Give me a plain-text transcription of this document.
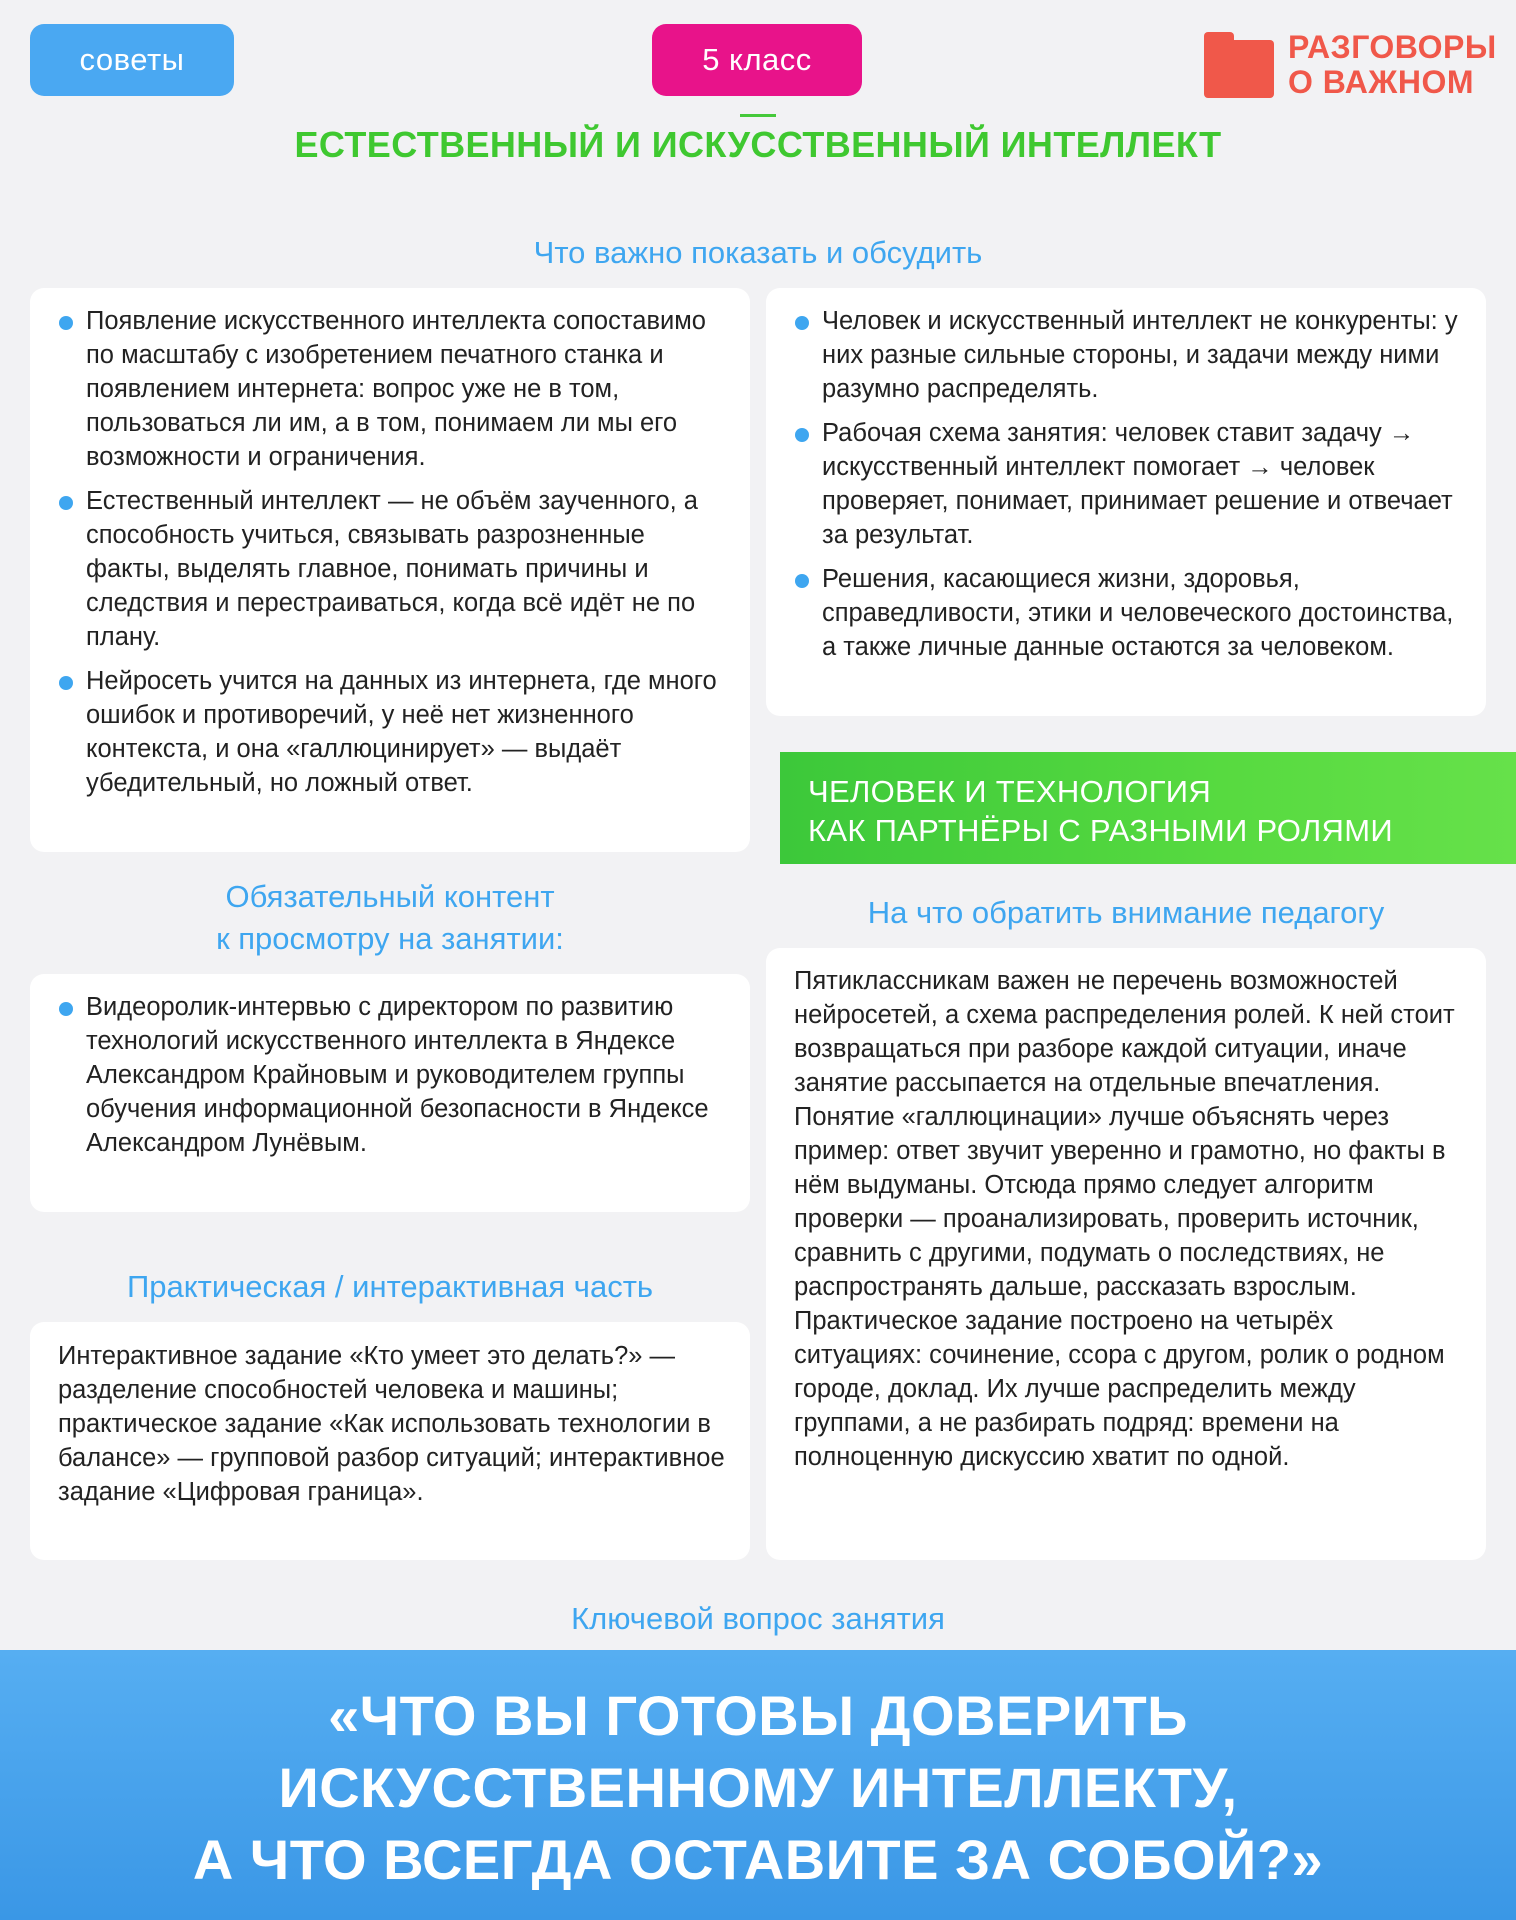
советы	5 класс	РАЗГОВОРЫ
О ВАЖНОМ
ЕСТЕСТВЕННЫЙ И ИСКУССТВЕННЫЙ ИНТЕЛЛЕКТ
Что важно показать и обсудить
Появление искусственного интеллекта сопоставимо по масштабу с изобретением печатного станка и появлением интернета: вопрос уже не в том, пользоваться ли им, а в том, понимаем ли мы его возможности и ограничения.
Естественный интеллект — не объём заученного, а способность учиться, связывать разрозненные факты, выделять главное, понимать причины и следствия и перестраиваться, когда всё идёт не по плану.
Нейросеть учится на данных из интернета, где много ошибок и противоречий, у неё нет жизненного контекста, и она «галлюцинирует» — выдаёт убедительный, но ложный ответ.
Человек и искусственный интеллект не конкуренты: у них разные сильные стороны, и задачи между ними разумно распределять.
Рабочая схема занятия: человек ставит задачу → искусственный интеллект помогает → человек проверяет, понимает, принимает решение и отвечает за результат.
Решения, касающиеся жизни, здоровья, справедливости, этики и человеческого достоинства, а также личные данные остаются за человеком.
ЧЕЛОВЕК И ТЕХНОЛОГИЯ
КАК ПАРТНЁРЫ С РАЗНЫМИ РОЛЯМИ
Обязательный контент
к просмотру на занятии:
Видеоролик-интервью с директором по развитию технологий искусственного интеллекта в Яндексе Александром Крайновым и руководителем группы обучения информационной безопасности в Яндексе Александром Лунёвым.
Практическая / интерактивная часть

Интерактивное задание «Кто умеет это делать?» — разделение способностей человека и машины; практическое задание «Как использовать технологии в балансе» — групповой разбор ситуаций; интерактивное задание «Цифровая граница».

На что обратить внимание педагогу

Пятиклассникам важен не перечень возможностей нейросетей, а схема распределения ролей. К ней стоит возвращаться при разборе каждой ситуации, иначе занятие рассыпается на отдельные впечатления.

Понятие «галлюцинации» лучше объяснять через пример: ответ звучит уверенно и грамотно, но факты в нём выдуманы. Отсюда прямо следует алгоритм проверки — проанализировать, проверить источник, сравнить с другими, подумать о последствиях, не распространять дальше, рассказать взрослым.

Практическое задание построено на четырёх ситуациях: сочинение, ссора с другом, ролик о родном городе, доклад. Их лучше распределить между группами, а не разбирать подряд: времени на полноценную дискуссию хватит по одной.

Ключевой вопрос занятия
«ЧТО ВЫ ГОТОВЫ ДОВЕРИТЬ
ИСКУССТВЕННОМУ ИНТЕЛЛЕКТУ,
А ЧТО ВСЕГДА ОСТАВИТЕ ЗА СОБОЙ?»
